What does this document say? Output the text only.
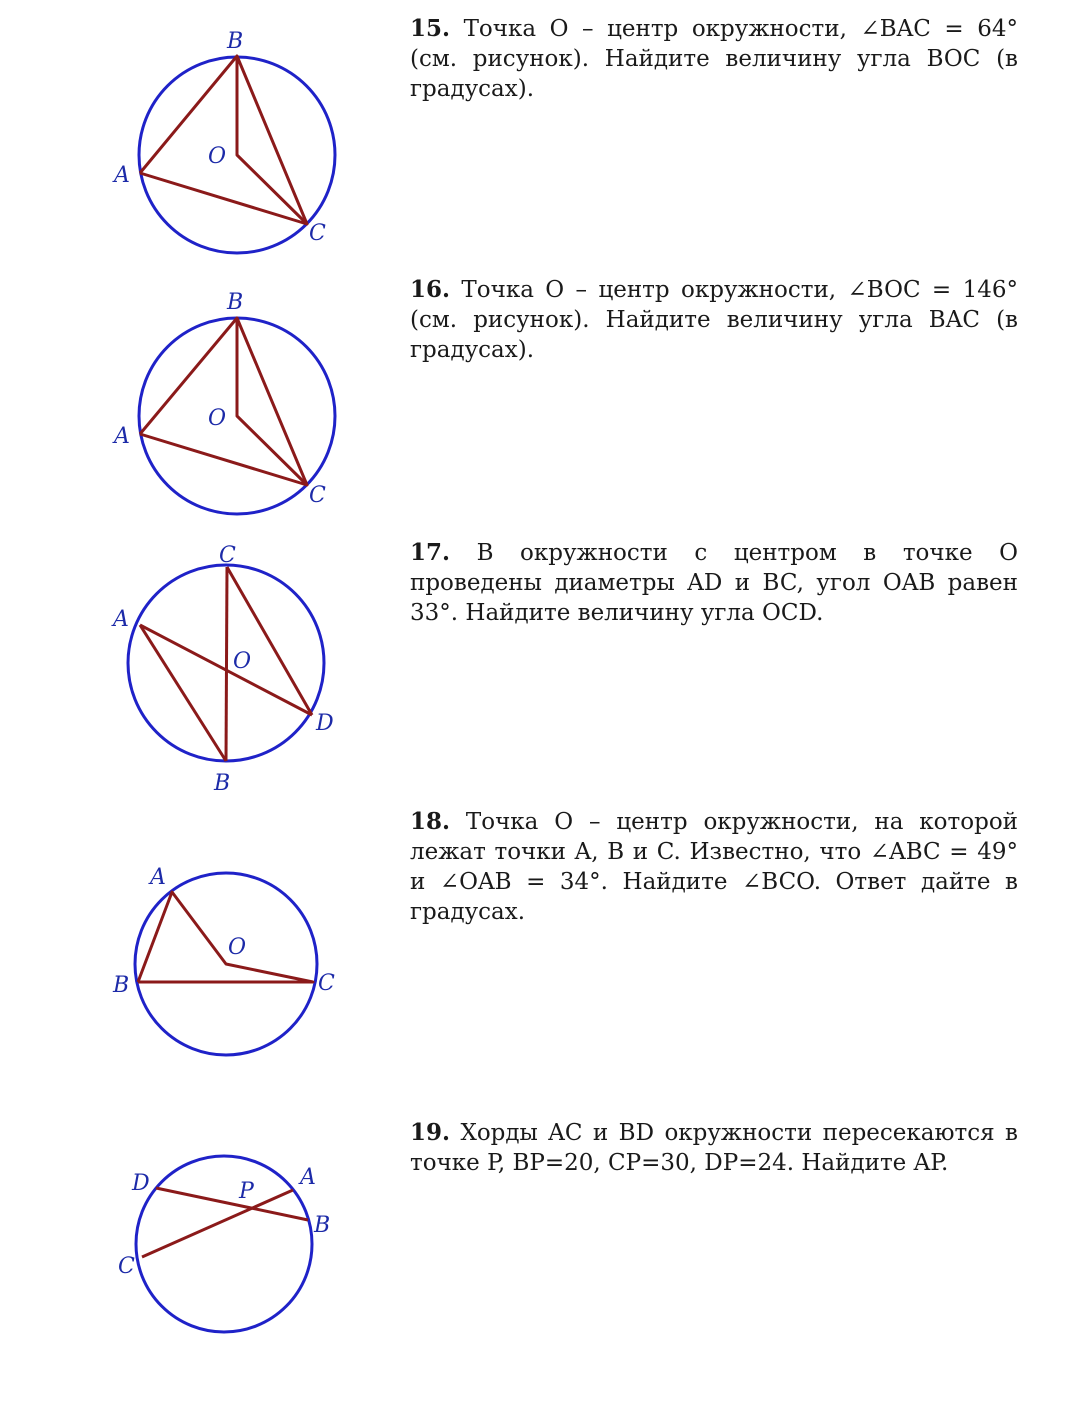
B
A
O
C
15. Точка О – центр окружности, ∠BAC = 64° (см. рисунок). Найдите величину угла BOC (в градусах).
B
A
O
C
16. Точка О – центр окружности, ∠BOC = 146° (см. рисунок). Найдите величину угла BAC (в градусах).
C
A
O
D
B
17. В окружности с центром в точке О проведены диаметры AD и BC, угол OAB равен 33°. Найдите величину угла OCD.
A
O
B	C
18. Точка О – центр окружности, на которой лежат точки A, B и C. Известно, что ∠ABC = 49° и ∠OAB = 34°. Найдите ∠BCO. Ответ дайте в градусах.
D	P
A
B
C
19. Хорды AC и BD окружности пересекаются в точке P, BP=20, CP=30, DP=24. Найдите AP.
